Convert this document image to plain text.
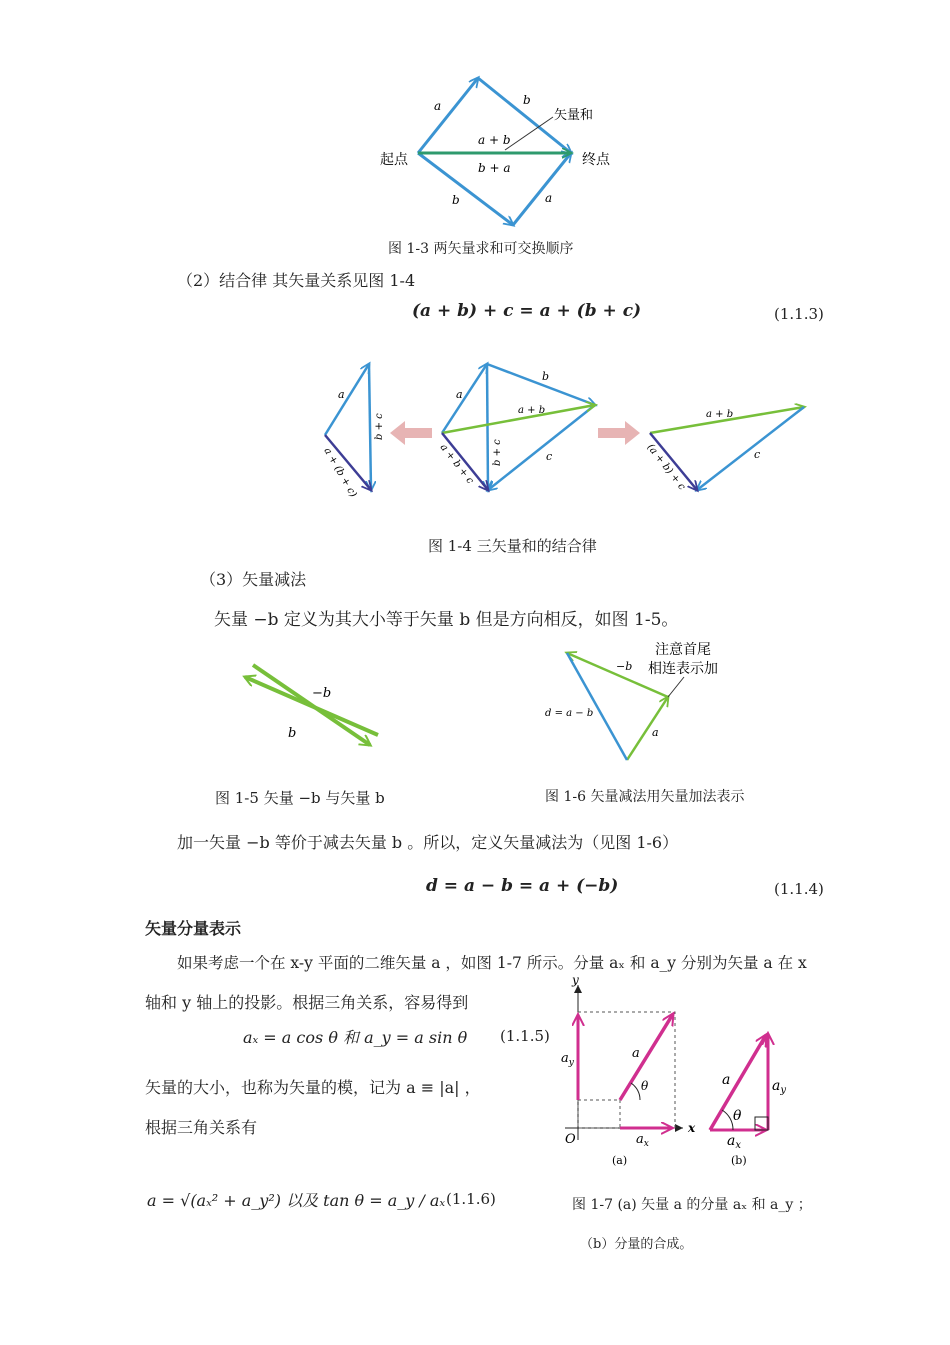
a	b
矢量和
a + b
b + a
起点	终点
b	a
图 1-3 两矢量求和可交换顺序
（2）结合律 其矢量关系见图 1-4
(a + b) + c = a + (b + c)	(1.1.3)
a
b + c
a + (b + c)
a
b
a + b
b + c	c
a + b + c
a + b
c
(a + b) + c
图 1-4 三矢量和的结合律
（3）矢量减法
矢量 −b 定义为其大小等于矢量 b 但是方向相反，如图 1-5。
−b
b
图 1-5 矢量 −b 与矢量 b
注意首尾
相连表示加
−b
d = a − b
a
图 1-6 矢量减法用矢量加法表示
加一矢量 −b 等价于减去矢量 b 。所以，定义矢量减法为（见图 1-6）
d = a − b = a + (−b)	(1.1.4)
矢量分量表示
如果考虑一个在 x-y 平面的二维矢量 a ，如图 1-7 所示。分量 aₓ 和 a_y 分别为矢量 a 在 x
轴和 y 轴上的投影。根据三角关系，容易得到
aₓ = a cos θ 和 a_y = a sin θ (1.1.5)
矢量的大小，也称为矢量的模，记为 a ≡ |a| ，
根据三角关系有
a = √(aₓ² + a_y²) 以及 tan θ = a_y / aₓ (1.1.6)
y
x
O
a
θ
$a_y$
$a_x$
(a)
a
θ
$a_y$
$a_x$
(b)
图 1-7 (a) 矢量 a 的分量 aₓ 和 a_y ；
（b）分量的合成。
